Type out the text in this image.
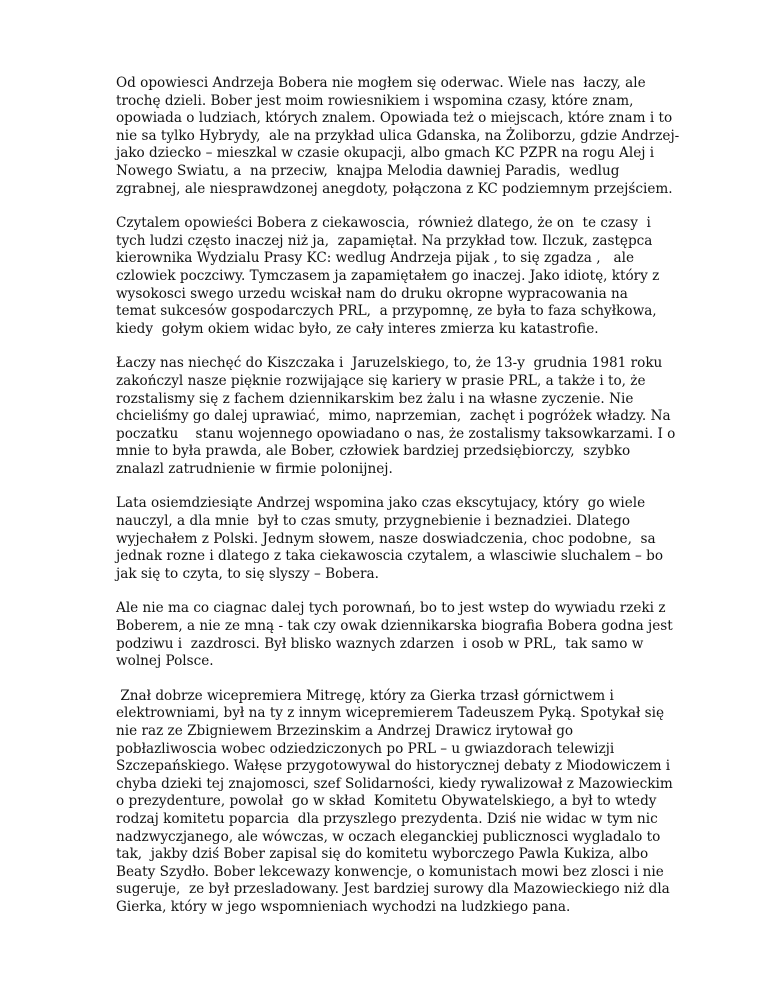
Od opowiesci Andrzeja Bobera nie mogłem się oderwac. Wiele nas  łaczy, ale
trochę dzieli. Bober jest moim rowiesnikiem i wspomina czasy, które znam,
opowiada o ludziach, których znalem. Opowiada też o miejscach, które znam i to
nie sa tylko Hybrydy,  ale na przykład ulica Gdanska, na Żoliborzu, gdzie Andrzej-
jako dziecko – mieszkal w czasie okupacji, albo gmach KC PZPR na rogu Alej i
Nowego Swiatu, a  na przeciw,  knajpa Melodia dawniej Paradis,  wedlug
zgrabnej, ale niesprawdzonej anegdoty, połączona z KC podziemnym przejściem.

Czytalem opowieści Bobera z ciekawoscia,  również dlatego, że on  te czasy  i
tych ludzi często inaczej niż ja,  zapamiętał. Na przykład tow. Ilczuk, zastępca
kierownika Wydzialu Prasy KC: wedlug Andrzeja pijak , to się zgadza ,   ale
czlowiek poczciwy. Tymczasem ja zapamiętałem go inaczej. Jako idiotę, który z
wysokosci swego urzedu wciskał nam do druku okropne wypracowania na
temat sukcesów gospodarczych PRL,  a przypomnę, ze była to faza schyłkowa,
kiedy  gołym okiem widac było, ze cały interes zmierza ku katastrofie.

Łaczy nas niechęć do Kiszczaka i  Jaruzelskiego, to, że 13-y  grudnia 1981 roku
zakończyl nasze pięknie rozwijające się kariery w prasie PRL, a także i to, że
rozstalismy się z fachem dziennikarskim bez żalu i na własne zyczenie. Nie
chcieliśmy go dalej uprawiać,  mimo, naprzemian,  zachęt i pogróżek władzy. Na
poczatku    stanu wojennego opowiadano o nas, że zostalismy taksowkarzami. I o
mnie to była prawda, ale Bober, człowiek bardziej przedsiębiorczy,  szybko
znalazl zatrudnienie w firmie polonijnej.

Lata osiemdziesiąte Andrzej wspomina jako czas ekscytujacy, który  go wiele
nauczyl, a dla mnie  był to czas smuty, przygnebienie i beznadziei. Dlatego
wyjechałem z Polski. Jednym słowem, nasze doswiadczenia, choc podobne,  sa
jednak rozne i dlatego z taka ciekawoscia czytalem, a wlasciwie sluchalem – bo
jak się to czyta, to się slyszy – Bobera.

Ale nie ma co ciagnac dalej tych porownań, bo to jest wstep do wywiadu rzeki z
Boberem, a nie ze mną - tak czy owak dziennikarska biografia Bobera godna jest
podziwu i  zazdrosci. Był blisko waznych zdarzen  i osob w PRL,  tak samo w
wolnej Polsce.

Znał dobrze wicepremiera Mitregę, który za Gierka trzasł górnictwem i
elektrowniami, był na ty z innym wicepremierem Tadeuszem Pyką. Spotykał się
nie raz ze Zbigniewem Brzezinskim a Andrzej Drawicz irytował go
pobłazliwoscia wobec odziedziczonych po PRL – u gwiazdorach telewizji
Szczepańskiego. Wałęse przygotowywal do historycznej debaty z Miodowiczem i
chyba dzieki tej znajomosci, szef Solidarności, kiedy rywalizował z Mazowieckim
o prezydenture, powolał  go w skład  Komitetu Obywatelskiego, a był to wtedy
rodzaj komitetu poparcia  dla przyszlego prezydenta. Dziś nie widac w tym nic
nadzwyczjanego, ale wówczas, w oczach eleganckiej publicznosci wygladalo to
tak,  jakby dziś Bober zapisal się do komitetu wyborczego Pawla Kukiza, albo
Beaty Szydło. Bober lekcewazy konwencje, o komunistach mowi bez zlosci i nie
sugeruje,  ze był przesladowany. Jest bardziej surowy dla Mazowieckiego niż dla
Gierka, który w jego wspomnieniach wychodzi na ludzkiego pana.
